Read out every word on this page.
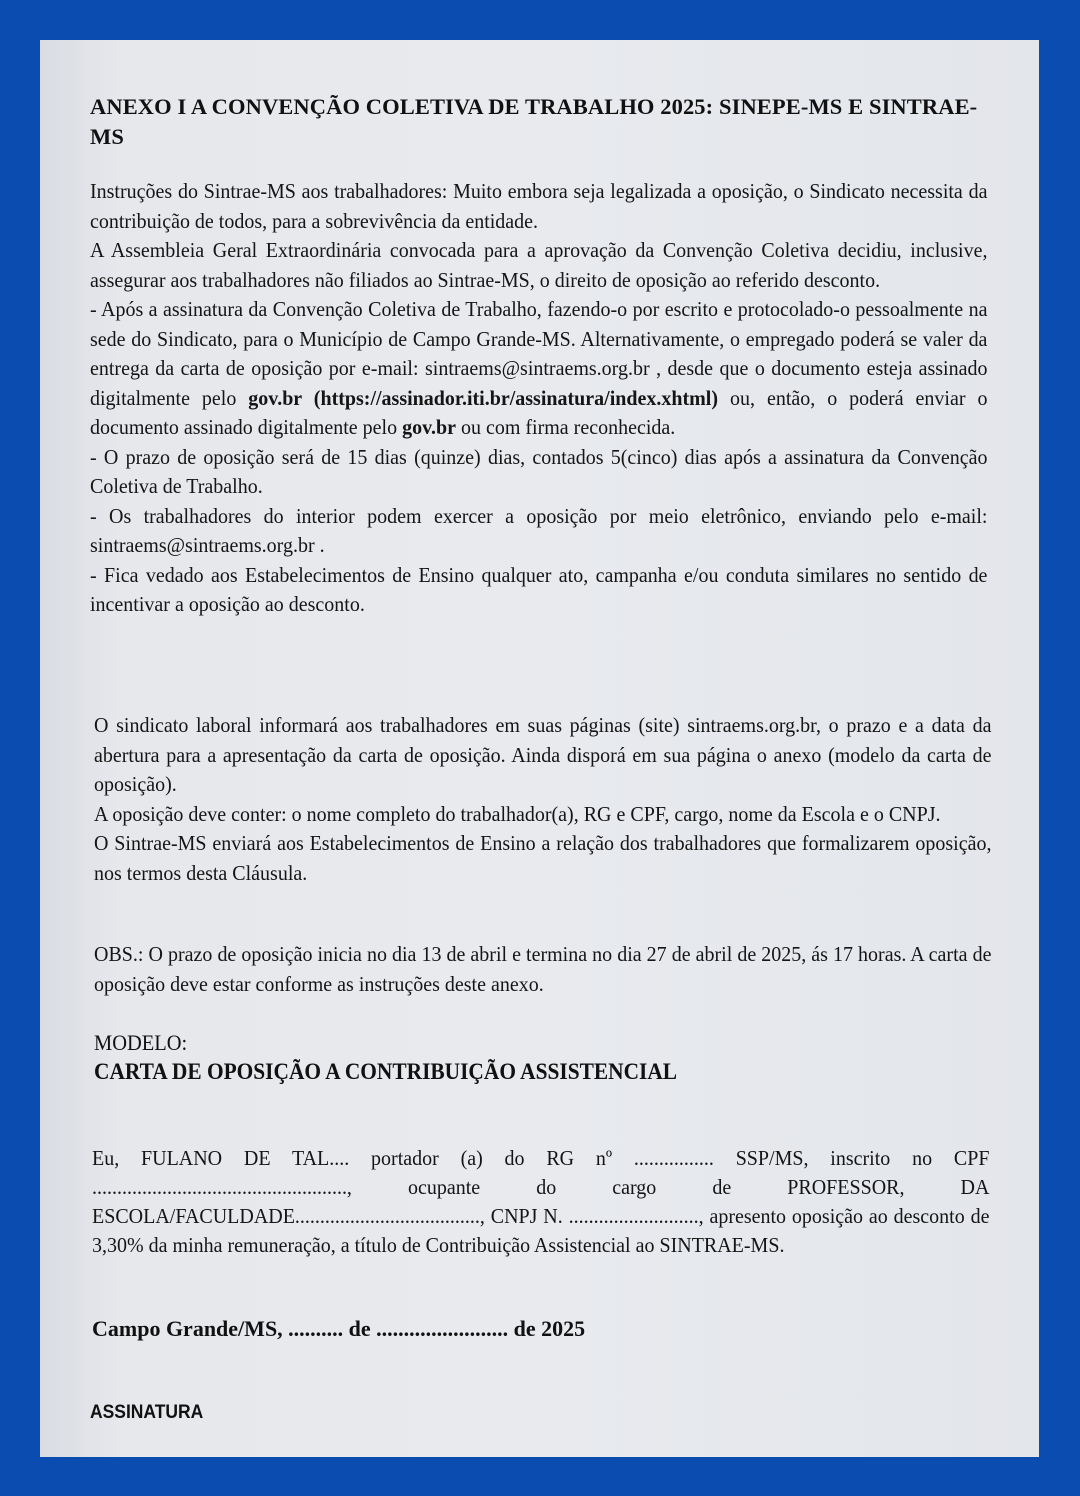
ANEXO I A CONVENÇÃO COLETIVA DE TRABALHO 2025: SINEPE-MS E SINTRAE-MS

Instruções do Sintrae-MS aos trabalhadores: Muito embora seja legalizada a oposição, o Sindicato necessita da contribuição de todos, para a sobrevivência da entidade.

A Assembleia Geral Extraordinária convocada para a aprovação da Convenção Coletiva decidiu, inclusive, assegurar aos trabalhadores não filiados ao Sintrae-MS, o direito de oposição ao referido desconto.

- Após a assinatura da Convenção Coletiva de Trabalho, fazendo-o por escrito e protocolado-o pessoalmente na sede do Sindicato, para o Município de Campo Grande-MS. Alternativamente, o empregado poderá se valer da entrega da carta de oposição por e-mail: sintraems@sintraems.org.br , desde que o documento esteja assinado digitalmente pelo gov.br (https://assinador.iti.br/assinatura/index.xhtml) ou, então, o poderá enviar o documento assinado digitalmente pelo gov.br ou com firma reconhecida.

- O prazo de oposição será de 15 dias (quinze) dias, contados 5(cinco) dias após a assinatura da Convenção Coletiva de Trabalho.

- Os trabalhadores do interior podem exercer a oposição por meio eletrônico, enviando pelo e-mail: sintraems@sintraems.org.br .

- Fica vedado aos Estabelecimentos de Ensino qualquer ato, campanha e/ou conduta similares no sentido de incentivar a oposição ao desconto.

O sindicato laboral informará aos trabalhadores em suas páginas (site) sintraems.org.br, o prazo e a data da abertura para a apresentação da carta de oposição. Ainda disporá em sua página o anexo (modelo da carta de oposição).

A oposição deve conter: o nome completo do trabalhador(a), RG e CPF, cargo, nome da Escola e o CNPJ.

O Sintrae-MS enviará aos Estabelecimentos de Ensino a relação dos trabalhadores que formalizarem oposição, nos termos desta Cláusula.

OBS.: O prazo de oposição inicia no dia 13 de abril e termina no dia 27 de abril de 2025, ás 17 horas. A carta de oposição deve estar conforme as instruções deste anexo.

MODELO:
CARTA DE OPOSIÇÃO A CONTRIBUIÇÃO ASSISTENCIAL

Eu, FULANO DE TAL.... portador (a) do RG nº ................ SSP/MS, inscrito no CPF ..................................................., ocupante do cargo de PROFESSOR, DA ESCOLA/FACULDADE....................................., CNPJ N. .........................., apresento oposição ao desconto de 3,30% da minha remuneração, a título de Contribuição Assistencial ao SINTRAE-MS.

Campo Grande/MS, .......... de ........................ de 2025
ASSINATURA
